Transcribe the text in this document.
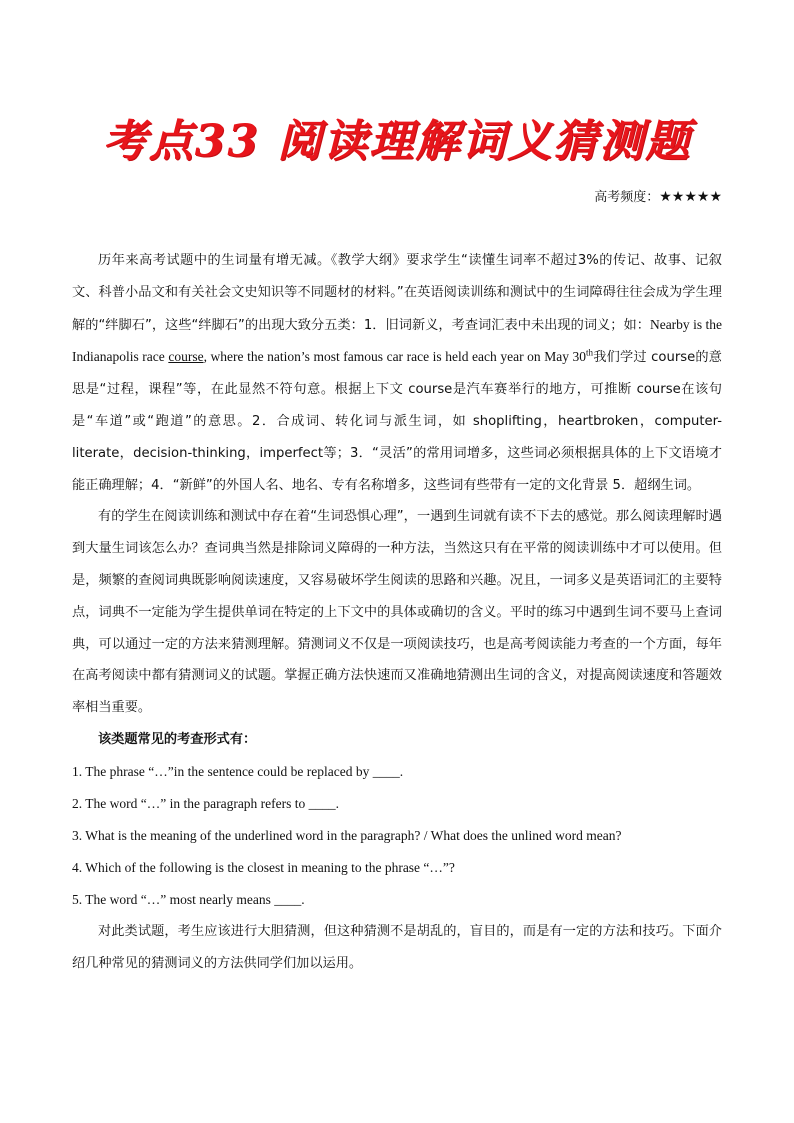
考点33 阅读理解词义猜测题
高考频度：★★★★★

历年来高考试题中的生词量有增无减。《教学大纲》要求学生“读懂生词率不超过3%的传记、故事、记叙文、科普小品文和有关社会文史知识等不同题材的材料。”在英语阅读训练和测试中的生词障碍往往会成为学生理解的“绊脚石”，这些“绊脚石”的出现大致分五类：1．旧词新义，考查词汇表中未出现的词义；如：Nearby is the Indianapolis race course, where the nation’s most famous car race is held each year on May 30th我们学过 course的意思是“过程，课程”等，在此显然不符句意。根据上下文 course是汽车赛举行的地方，可推断 course在该句是“车道”或“跑道”的意思。2．合成词、转化词与派生词，如 shoplifting，heartbroken，computer-literate，decision-thinking，imperfect等；3．“灵活”的常用词增多，这些词必须根据具体的上下文语境才能正确理解；4．“新鲜”的外国人名、地名、专有名称增多，这些词有些带有一定的文化背景 5．超纲生词。

有的学生在阅读训练和测试中存在着“生词恐惧心理”，一遇到生词就有读不下去的感觉。那么阅读理解时遇到大量生词该怎么办？查词典当然是排除词义障碍的一种方法，当然这只有在平常的阅读训练中才可以使用。但是，频繁的查阅词典既影响阅读速度，又容易破坏学生阅读的思路和兴趣。况且，一词多义是英语词汇的主要特点，词典不一定能为学生提供单词在特定的上下文中的具体或确切的含义。平时的练习中遇到生词不要马上查词典，可以通过一定的方法来猜测理解。猜测词义不仅是一项阅读技巧，也是高考阅读能力考查的一个方面，每年在高考阅读中都有猜测词义的试题。掌握正确方法快速而又准确地猜测出生词的含义，对提高阅读速度和答题效率相当重要。

该类题常见的考查形式有：

1. The phrase “…”in the sentence could be replaced by ____.

2. The word “…” in the paragraph refers to ____.

3. What is the meaning of the underlined word in the paragraph? / What does the unlined word mean?

4. Which of the following is the closest in meaning to the phrase “…”?

5. The word “…” most nearly means ____.

对此类试题，考生应该进行大胆猜测，但这种猜测不是胡乱的，盲目的，而是有一定的方法和技巧。下面介绍几种常见的猜测词义的方法供同学们加以运用。
